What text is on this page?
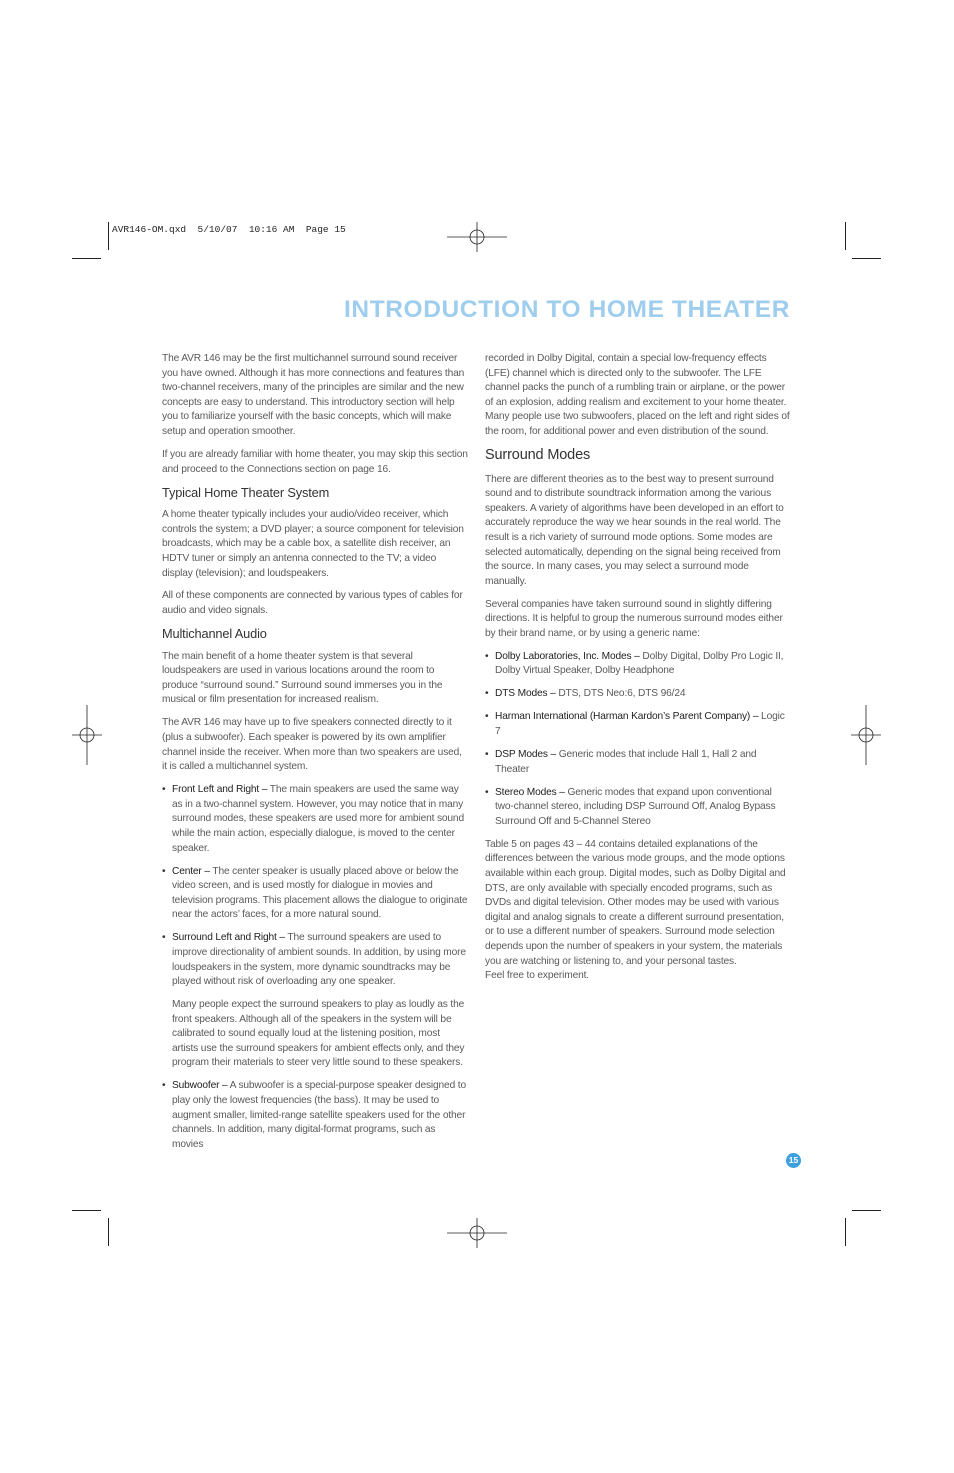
AVR146-OM.qxd  5/10/07  10:16 AM  Page 15
INTRODUCTION TO HOME THEATER

The AVR 146 may be the first multichannel surround sound receiver you have owned. Although it has more connections and features than two-channel receivers, many of the principles are similar and the new concepts are easy to understand. This introductory section will help you to familiarize yourself with the basic concepts, which will make setup and operation smoother.

If you are already familiar with home theater, you may skip this section and proceed to the Connections section on page 16.

Typical Home Theater System

A home theater typically includes your audio/video receiver, which controls the system; a DVD player; a source component for television broadcasts, which may be a cable box, a satellite dish receiver, an HDTV tuner or simply an antenna connected to the TV; a video display (television); and loudspeakers.

All of these components are connected by various types of cables for audio and video signals.

Multichannel Audio

The main benefit of a home theater system is that several loudspeakers are used in various locations around the room to produce “surround sound.” Surround sound immerses you in the musical or film presentation for increased realism.

The AVR 146 may have up to five speakers connected directly to it (plus a subwoofer). Each speaker is powered by its own amplifier channel inside the receiver. When more than two speakers are used, it is called a multichannel system.

• Front Left and Right – The main speakers are used the same way as in a two-channel system. However, you may notice that in many surround modes, these speakers are used more for ambient sound while the main action, especially dialogue, is moved to the center speaker.
• Center – The center speaker is usually placed above or below the video screen, and is used mostly for dialogue in movies and television programs. This placement allows the dialogue to originate near the actors’ faces, for a more natural sound.
• Surround Left and Right – The surround speakers are used to improve directionality of ambient sounds. In addition, by using more loudspeakers in the system, more dynamic soundtracks may be played without risk of overloading any one speaker.

Many people expect the surround speakers to play as loudly as the front speakers. Although all of the speakers in the system will be calibrated to sound equally loud at the listening position, most artists use the surround speakers for ambient effects only, and they program their materials to steer very little sound to these speakers.

• Subwoofer – A subwoofer is a special-purpose speaker designed to play only the lowest frequencies (the bass). It may be used to augment smaller, limited-range satellite speakers used for the other channels. In addition, many digital-format programs, such as movies

recorded in Dolby Digital, contain a special low-frequency effects (LFE) channel which is directed only to the subwoofer. The LFE channel packs the punch of a rumbling train or airplane, or the power of an explosion, adding realism and excitement to your home theater. Many people use two subwoofers, placed on the left and right sides of the room, for additional power and even distribution of the sound.

Surround Modes

There are different theories as to the best way to present surround sound and to distribute soundtrack information among the various speakers. A variety of algorithms have been developed in an effort to accurately reproduce the way we hear sounds in the real world. The result is a rich variety of surround mode options. Some modes are selected automatically, depending on the signal being received from the source. In many cases, you may select a surround mode manually.

Several companies have taken surround sound in slightly differing directions. It is helpful to group the numerous surround modes either by their brand name, or by using a generic name:

• Dolby Laboratories, Inc. Modes – Dolby Digital, Dolby Pro Logic II, Dolby Virtual Speaker, Dolby Headphone
• DTS Modes – DTS, DTS Neo:6, DTS 96/24
• Harman International (Harman Kardon’s Parent Company) – Logic 7
• DSP Modes – Generic modes that include Hall 1, Hall 2 and Theater
• Stereo Modes – Generic modes that expand upon conventional two-channel stereo, including DSP Surround Off, Analog Bypass Surround Off and 5-Channel Stereo

Table 5 on pages 43 – 44 contains detailed explanations of the differences between the various mode groups, and the mode options available within each group. Digital modes, such as Dolby Digital and DTS, are only available with specially encoded programs, such as DVDs and digital television. Other modes may be used with various digital and analog signals to create a different surround presentation, or to use a different number of speakers. Surround mode selection depends upon the number of speakers in your system, the materials you are watching or listening to, and your personal tastes.

Feel free to experiment.

15
